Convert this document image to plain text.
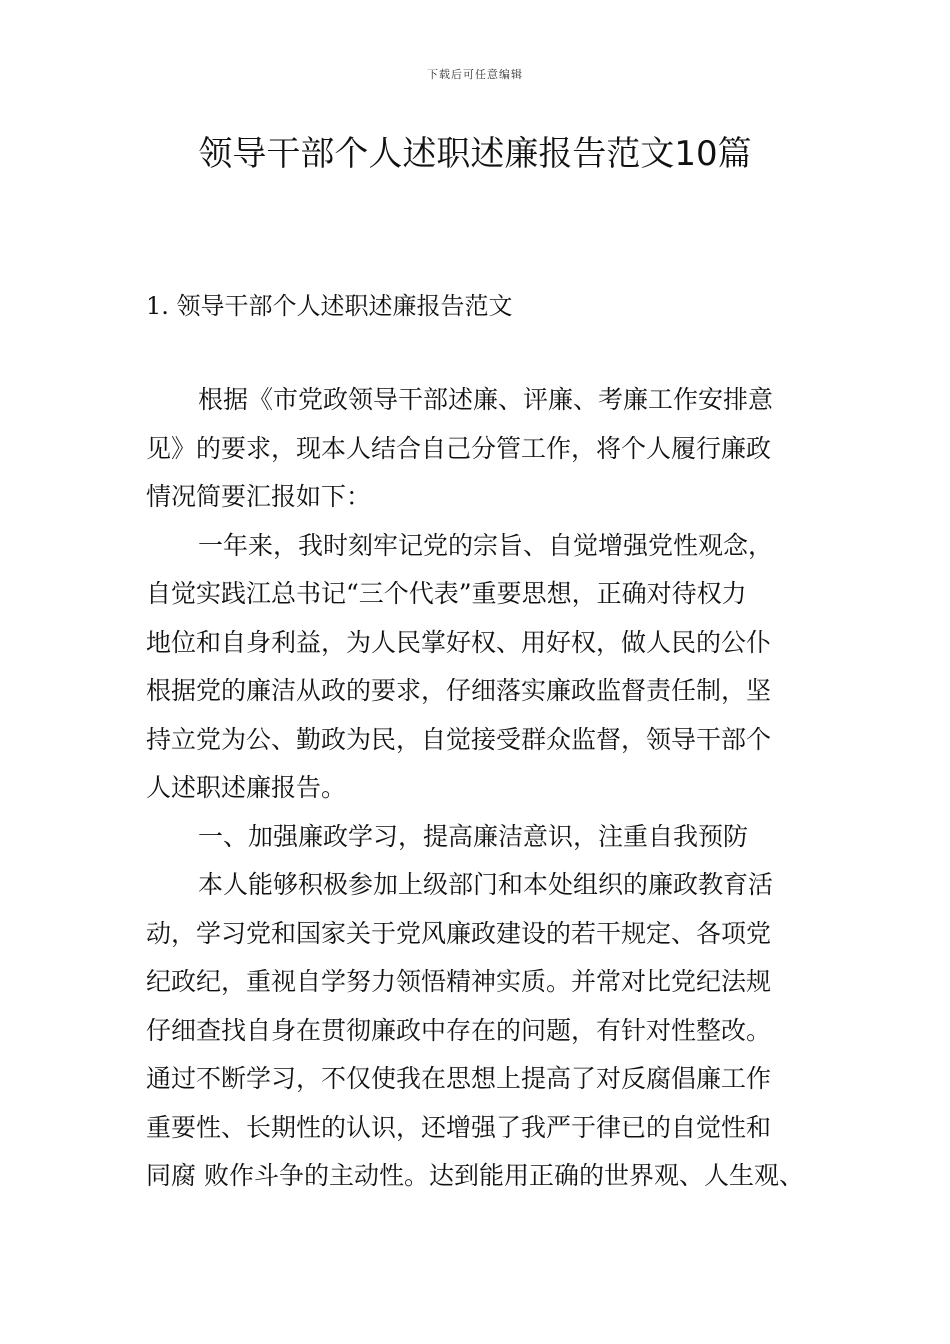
下载后可任意编辑
领导干部个人述职述廉报告范文10篇
1. 领导干部个人述职述廉报告范文

根据《市党政领导干部述廉、评廉、考廉工作安排意
见》的要求，现本人结合自己分管工作，将个人履行廉政
情况简要汇报如下：

一年来，我时刻牢记党的宗旨、自觉增强党性观念，
自觉实践江总书记“三个代表”重要思想，正确对待权力
地位和自身利益，为人民掌好权、用好权，做人民的公仆
根据党的廉洁从政的要求，仔细落实廉政监督责任制，坚
持立党为公、勤政为民，自觉接受群众监督，领导干部个
人述职述廉报告。

一、加强廉政学习，提高廉洁意识，注重自我预防

本人能够积极参加上级部门和本处组织的廉政教育活
动，学习党和国家关于党风廉政建设的若干规定、各项党
纪政纪，重视自学努力领悟精神实质。并常对比党纪法规
仔细查找自身在贯彻廉政中存在的问题，有针对性整改。
通过不断学习，不仅使我在思想上提高了对反腐倡廉工作
重要性、长期性的认识，还增强了我严于律已的自觉性和
同腐 败作斗争的主动性。达到能用正确的世界观、人生观、
